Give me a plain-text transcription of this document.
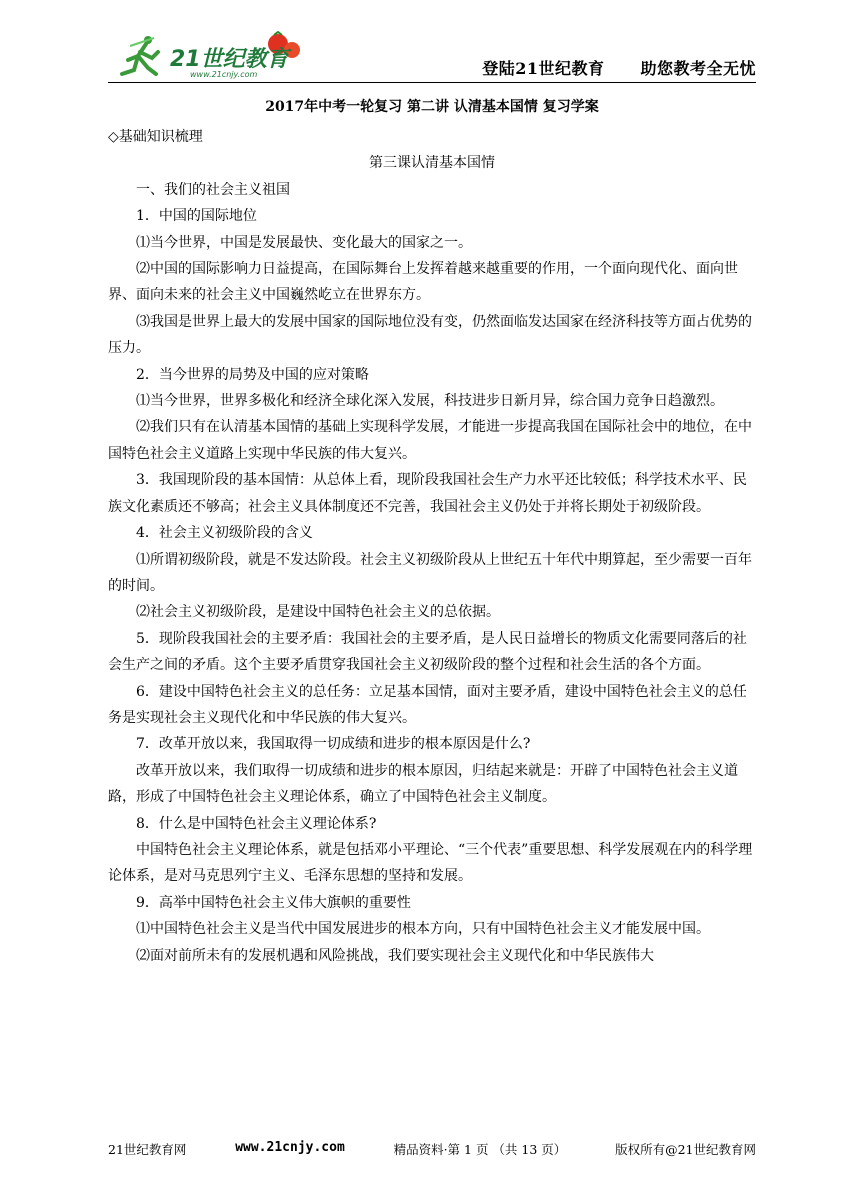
21世纪教育
www.21cnjy.com	登陆21世纪教育 助您教考全无忧
2017年中考一轮复习 第二讲 认清基本国情 复习学案

◇基础知识梳理

第三课认清基本国情

一、我们的社会主义祖国

1．中国的国际地位

⑴当今世界，中国是发展最快、变化最大的国家之一。

⑵中国的国际影响力日益提高，在国际舞台上发挥着越来越重要的作用，一个面向现代化、面向世界、面向未来的社会主义中国巍然屹立在世界东方。

⑶我国是世界上最大的发展中国家的国际地位没有变，仍然面临发达国家在经济科技等方面占优势的压力。

2．当今世界的局势及中国的应对策略

⑴当今世界，世界多极化和经济全球化深入发展，科技进步日新月异，综合国力竞争日趋激烈。

⑵我们只有在认清基本国情的基础上实现科学发展，才能进一步提高我国在国际社会中的地位，在中国特色社会主义道路上实现中华民族的伟大复兴。

3．我国现阶段的基本国情：从总体上看，现阶段我国社会生产力水平还比较低；科学技术水平、民族文化素质还不够高；社会主义具体制度还不完善，我国社会主义仍处于并将长期处于初级阶段。

4．社会主义初级阶段的含义

⑴所谓初级阶段，就是不发达阶段。社会主义初级阶段从上世纪五十年代中期算起，至少需要一百年的时间。

⑵社会主义初级阶段，是建设中国特色社会主义的总依据。

5．现阶段我国社会的主要矛盾：我国社会的主要矛盾，是人民日益增长的物质文化需要同落后的社会生产之间的矛盾。这个主要矛盾贯穿我国社会主义初级阶段的整个过程和社会生活的各个方面。

6．建设中国特色社会主义的总任务：立足基本国情，面对主要矛盾，建设中国特色社会主义的总任务是实现社会主义现代化和中华民族的伟大复兴。

7．改革开放以来，我国取得一切成绩和进步的根本原因是什么?

改革开放以来，我们取得一切成绩和进步的根本原因，归结起来就是：开辟了中国特色社会主义道路，形成了中国特色社会主义理论体系，确立了中国特色社会主义制度。

8．什么是中国特色社会主义理论体系?

中国特色社会主义理论体系，就是包括邓小平理论、“三个代表”重要思想、科学发展观在内的科学理论体系，是对马克思列宁主义、毛泽东思想的坚持和发展。

9．高举中国特色社会主义伟大旗帜的重要性

⑴中国特色社会主义是当代中国发展进步的根本方向，只有中国特色社会主义才能发展中国。

⑵面对前所未有的发展机遇和风险挑战，我们要实现社会主义现代化和中华民族伟大

21世纪教育网	www.21cnjy.com	精品资料·第 1 页 （共 13 页）	版权所有@21世纪教育网
